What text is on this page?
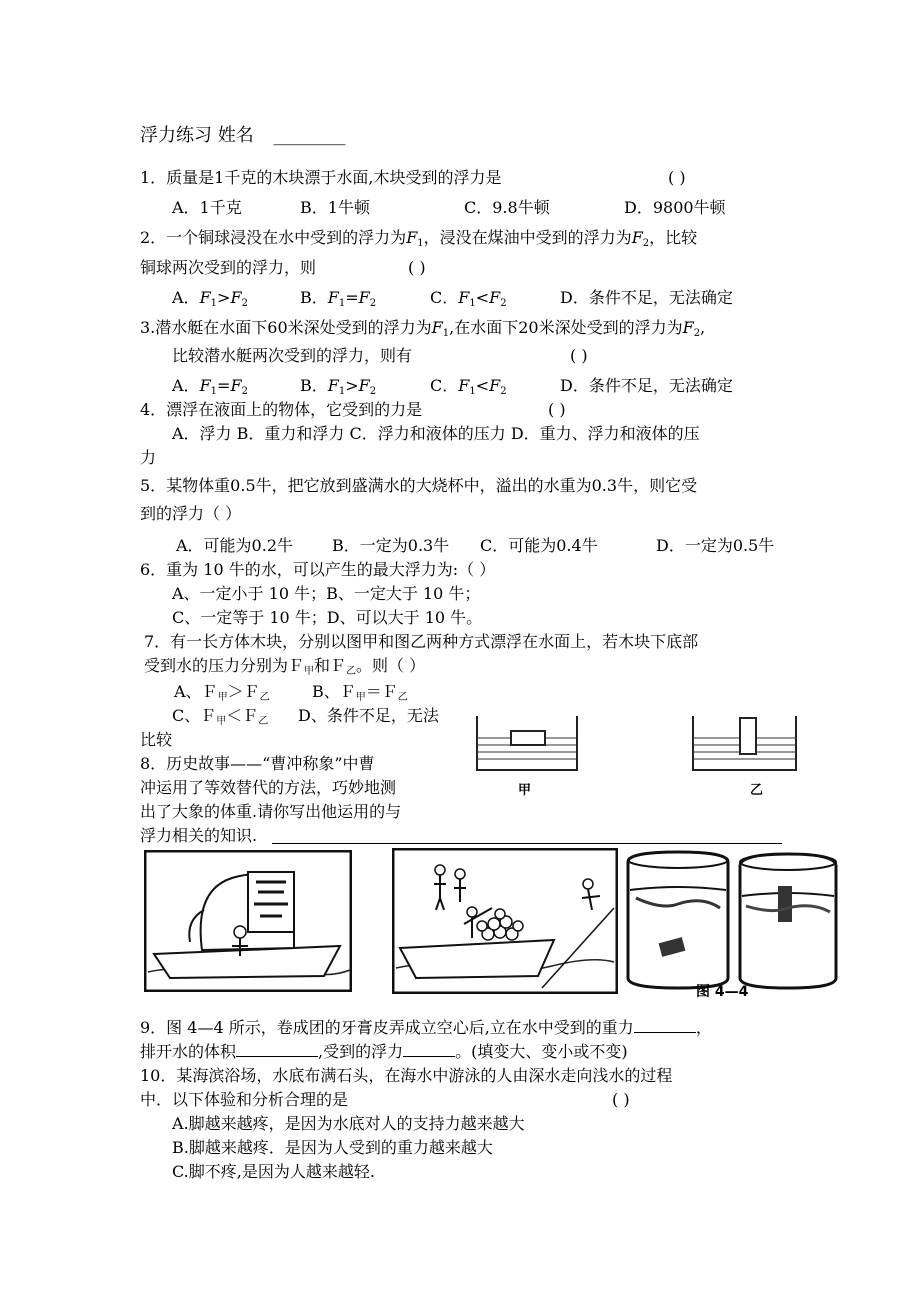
浮力练习 姓名 ________
1．质量是1千克的木块漂于水面,木块受到的浮力是	( )
A．1千克	B．1牛顿	C．9.8牛顿	D．9800牛顿
2．一个铜球浸没在水中受到的浮力为$F_1$，浸没在煤油中受到的浮力为$F_2$，比较
铜球两次受到的浮力，则	( )
A．$F_1>F_2$	B．$F_1=F_2$	C．$F_1<F_2$	D．条件不足，无法确定
3.潜水艇在水面下60米深处受到的浮力为$F_1$,在水面下20米深处受到的浮力为$F_2$,
比较潜水艇两次受到的浮力，则有	( )
A．$F_1=F_2$	B．$F_1>F_2$	C．$F_1<F_2$	D．条件不足，无法确定
4．漂浮在液面上的物体，它受到的力是	( )
A．浮力 B．重力和浮力 C．浮力和液体的压力 D．重力、浮力和液体的压
力
5．某物体重0.5牛，把它放到盛满水的大烧杯中，溢出的水重为0.3牛，则它受
到的浮力（ ）
A．可能为0.2牛 B．一定为0.3牛 C．可能为0.4牛	D．一定为0.5牛
6．重为 10 牛的水，可以产生的最大浮力为:（ ）
A、一定小于 10 牛；B、一定大于 10 牛；
C、一定等于 10 牛；D、可以大于 10 牛。
7．有一长方体木块，分别以图甲和图乙两种方式漂浮在水面上，若木块下底部
受到水的压力分别为Ｆ$_甲$和Ｆ$_乙$。则（ ）
A、Ｆ$_甲$＞Ｆ$_乙$	B、Ｆ$_甲$＝Ｆ$_乙$
C、Ｆ$_甲$＜Ｆ$_乙$ D、条件不足，无法
比较
甲	乙
8．历史故事——“曹冲称象”中曹
冲运用了等效替代的方法，巧妙地测
出了大象的体重.请你写出他运用的与
浮力相关的知识.
图 4—4
9．图 4—4 所示，卷成团的牙膏皮弄成立空心后,立在水中受到的重力	，
排开水的体积	,受到的浮力	。(填变大、变小或不变)
10．某海滨浴场，水底布满石头，在海水中游泳的人由深水走向浅水的过程
中．以下体验和分析合理的是	( )
A.脚越来越疼，是因为水底对人的支持力越来越大
B.脚越来越疼．是因为人受到的重力越来越大
C.脚不疼,是因为人越来越轻.
